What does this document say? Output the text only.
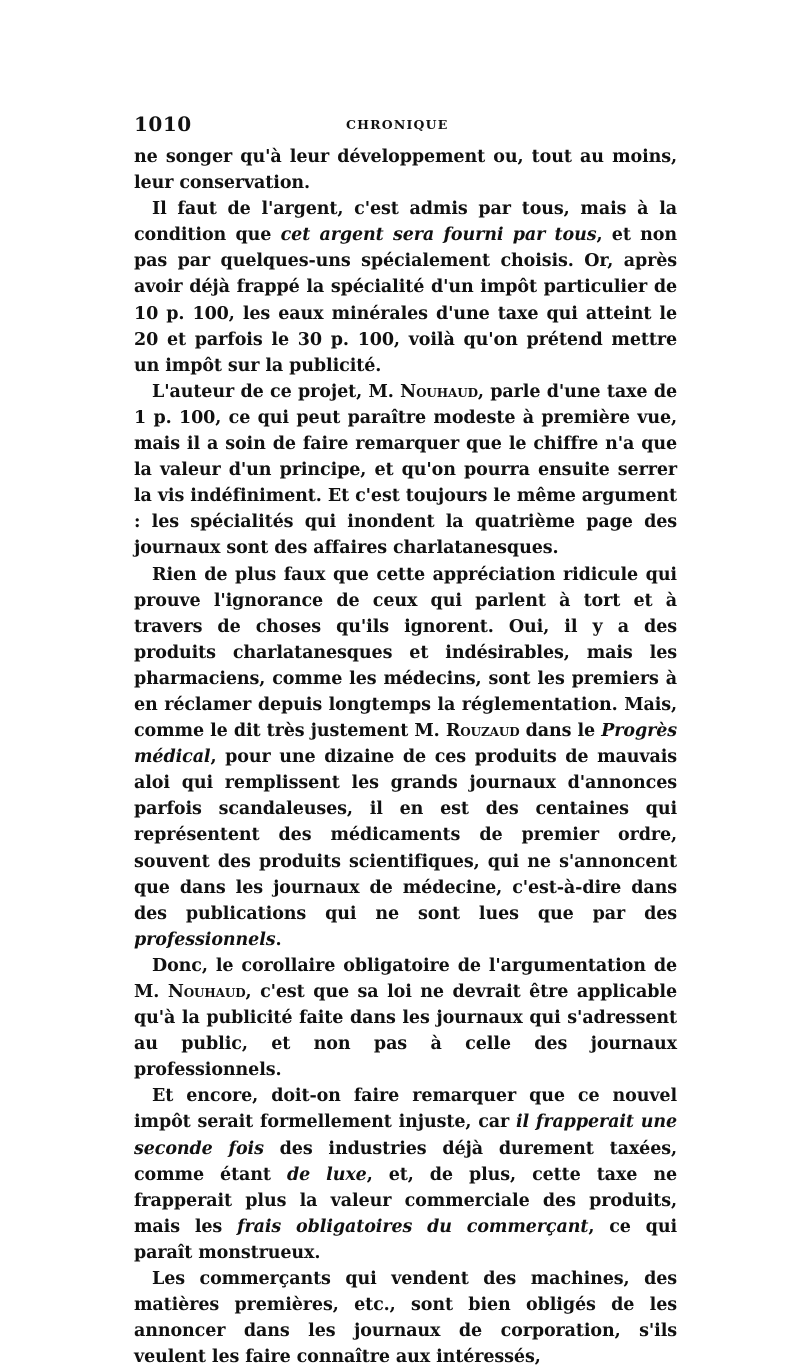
1010	CHRONIQUE

ne songer qu'à leur développement ou, tout au moins, leur conservation.

Il faut de l'argent, c'est admis par tous, mais à la condition que cet argent sera fourni par tous, et non pas par quelques-uns spécialement choisis. Or, après avoir déjà frappé la spécialité d'un impôt particulier de 10 p. 100, les eaux minérales d'une taxe qui atteint le 20 et parfois le 30 p. 100, voilà qu'on prétend mettre un impôt sur la publicité.

L'auteur de ce projet, M. Nouhaud, parle d'une taxe de 1 p. 100, ce qui peut paraître modeste à première vue, mais il a soin de faire remarquer que le chiffre n'a que la valeur d'un principe, et qu'on pourra ensuite serrer la vis indéfiniment. Et c'est toujours le même argument : les spécialités qui inondent la quatrième page des journaux sont des affaires charlatanesques.

Rien de plus faux que cette appréciation ridicule qui prouve l'ignorance de ceux qui parlent à tort et à travers de choses qu'ils ignorent. Oui, il y a des produits charlatanesques et indésirables, mais les pharmaciens, comme les médecins, sont les premiers à en réclamer depuis longtemps la réglementation. Mais, comme le dit très justement M. Rouzaud dans le Progrès médical, pour une dizaine de ces produits de mauvais aloi qui remplissent les grands journaux d'annonces parfois scandaleuses, il en est des centaines qui représentent des médicaments de premier ordre, souvent des produits scientifiques, qui ne s'annoncent que dans les journaux de médecine, c'est-à-dire dans des publications qui ne sont lues que par des professionnels.

Donc, le corollaire obligatoire de l'argumentation de M. Nouhaud, c'est que sa loi ne devrait être applicable qu'à la publicité faite dans les journaux qui s'adressent au public, et non pas à celle des journaux professionnels.

Et encore, doit-on faire remarquer que ce nouvel impôt serait formellement injuste, car il frapperait une seconde fois des industries déjà durement taxées, comme étant de luxe, et, de plus, cette taxe ne frapperait plus la valeur commerciale des produits, mais les frais obligatoires du commerçant, ce qui paraît monstrueux.

Les commerçants qui vendent des machines, des matières premières, etc., sont bien obligés de les annoncer dans les journaux de corporation, s'ils veulent les faire connaître aux intéressés,
